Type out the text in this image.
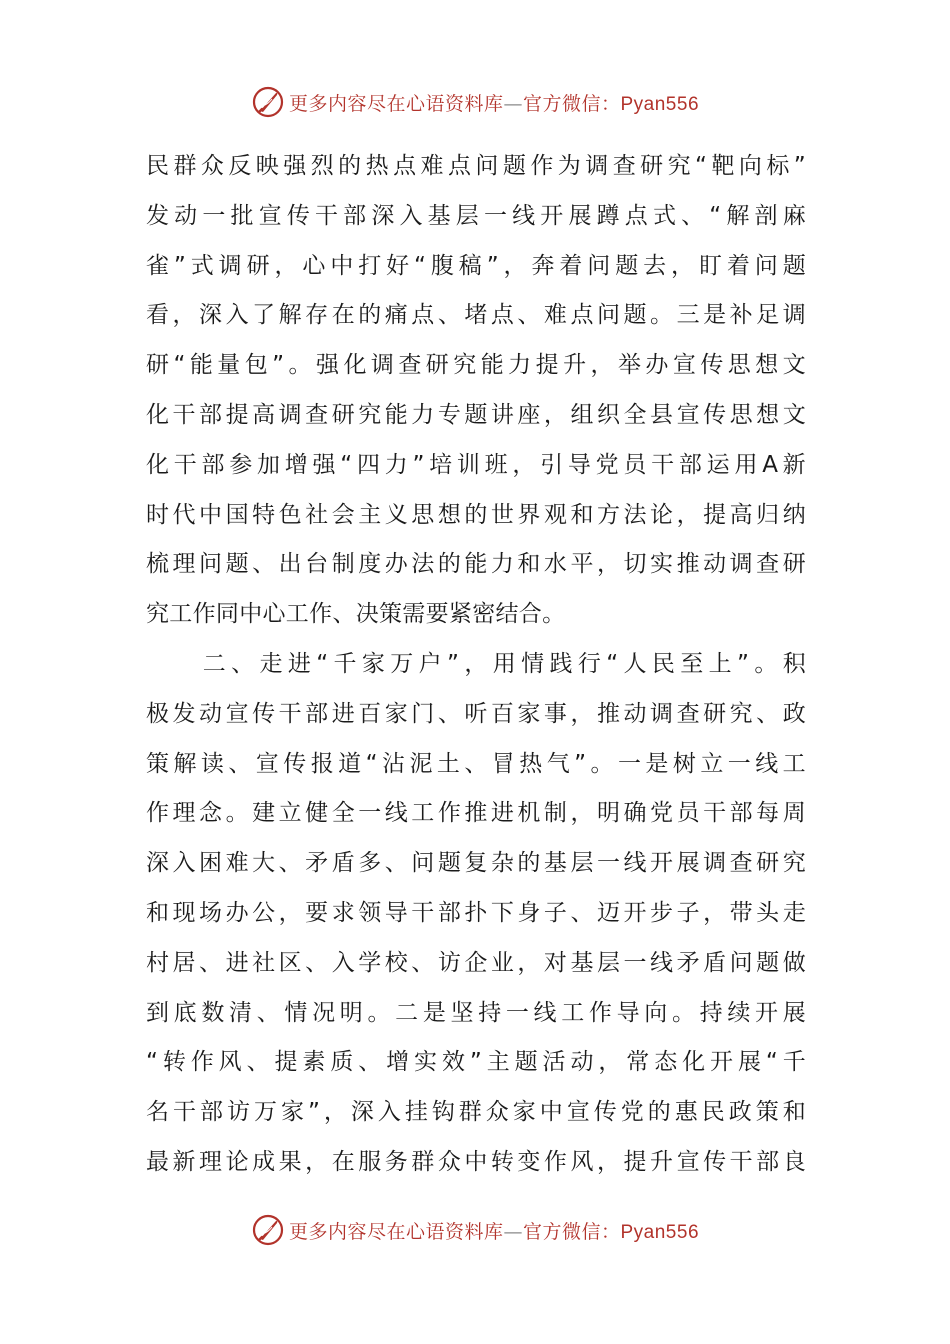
更多内容尽在心语资料库—官方微信：Pyan556
民群众反映强烈的热点难点问题作为调查研究“靶向标”
发动一批宣传干部深入基层一线开展蹲点式、“解剖麻
雀”式调研，心中打好“腹稿”，奔着问题去，盯着问题
看，深入了解存在的痛点、堵点、难点问题。三是补足调
研“能量包”。强化调查研究能力提升，举办宣传思想文
化干部提高调查研究能力专题讲座，组织全县宣传思想文
化干部参加增强“四力”培训班，引导党员干部运用A新
时代中国特色社会主义思想的世界观和方法论，提高归纳
梳理问题、出台制度办法的能力和水平，切实推动调查研
究工作同中心工作、决策需要紧密结合。
　　二、走进“千家万户”，用情践行“人民至上”。积
极发动宣传干部进百家门、听百家事，推动调查研究、政
策解读、宣传报道“沾泥土、冒热气”。一是树立一线工
作理念。建立健全一线工作推进机制，明确党员干部每周
深入困难大、矛盾多、问题复杂的基层一线开展调查研究
和现场办公，要求领导干部扑下身子、迈开步子，带头走
村居、进社区、入学校、访企业，对基层一线矛盾问题做
到底数清、情况明。二是坚持一线工作导向。持续开展
“转作风、提素质、增实效”主题活动，常态化开展“千
名干部访万家”，深入挂钩群众家中宣传党的惠民政策和
最新理论成果，在服务群众中转变作风，提升宣传干部良
更多内容尽在心语资料库—官方微信：Pyan556
